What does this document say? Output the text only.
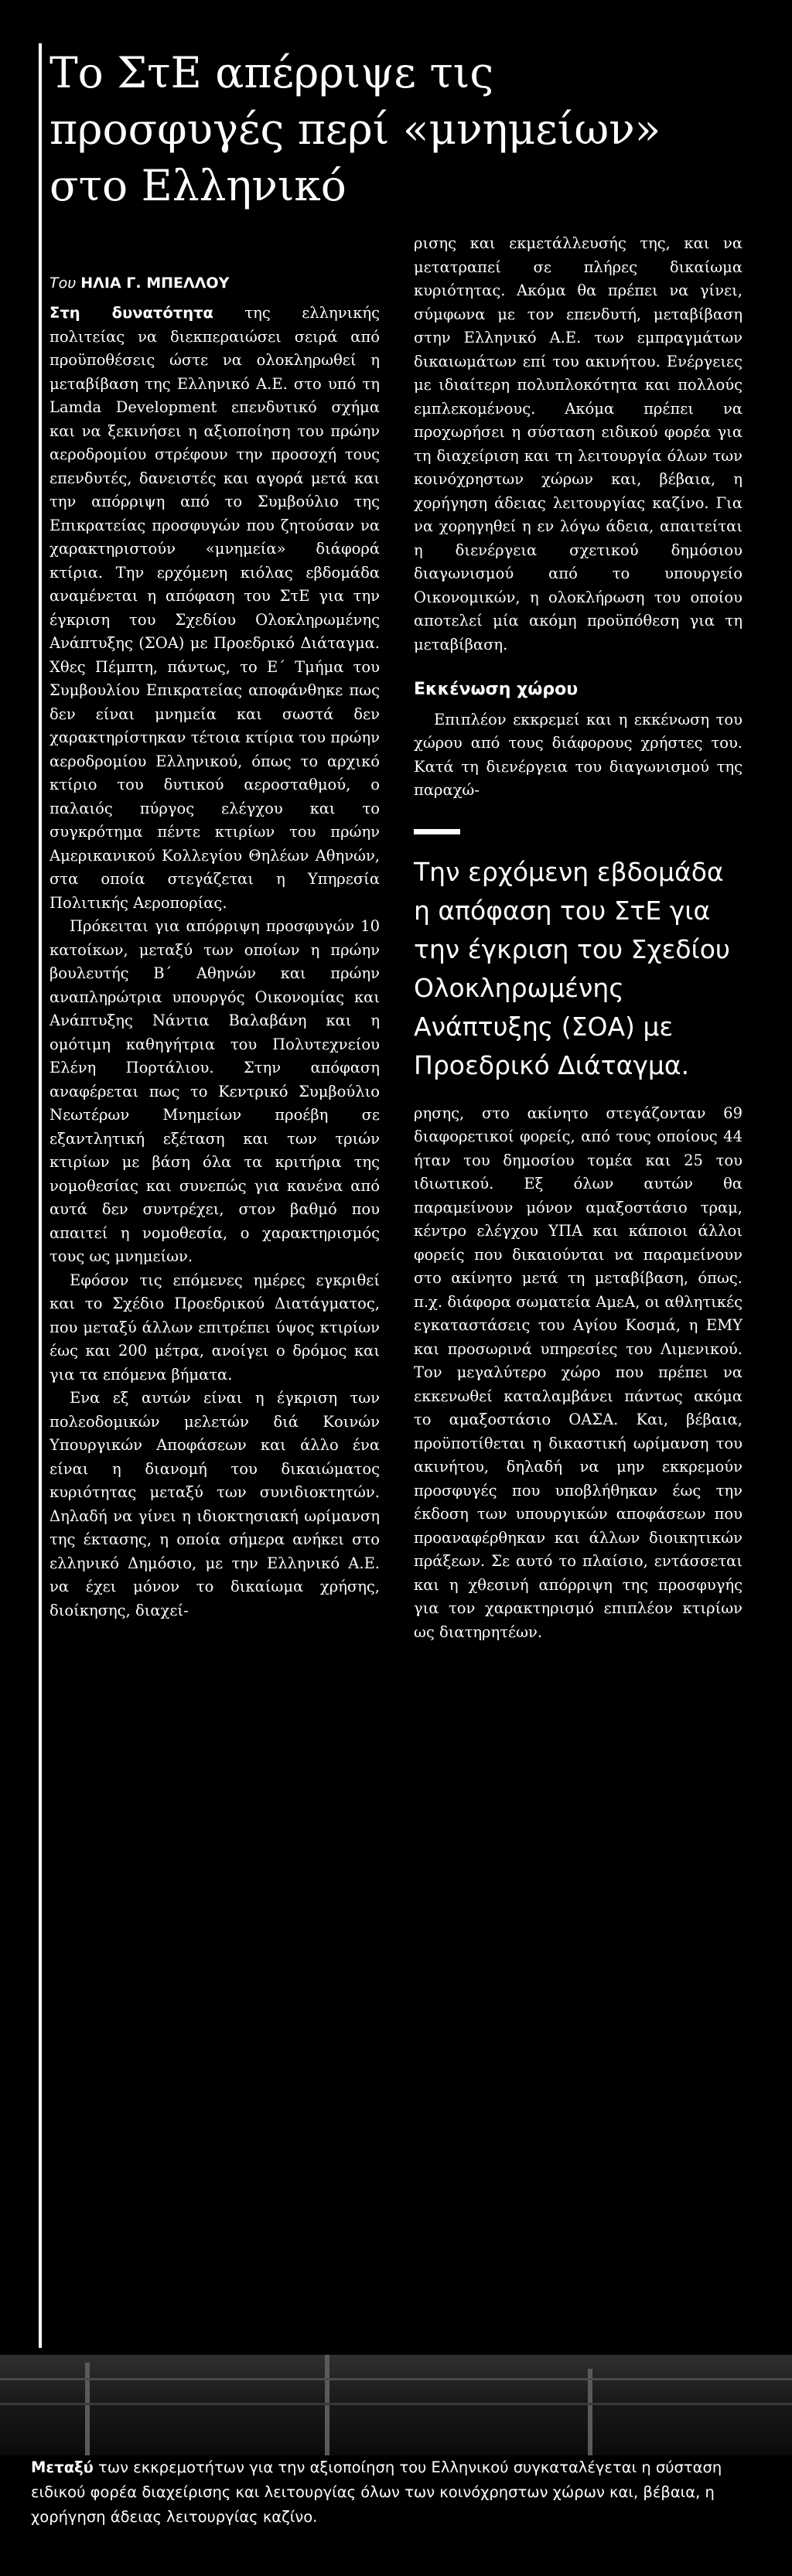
Το ΣτΕ απέρριψε τις προσφυγές περί «μνημείων» στο Ελληνικό
Του ΗΛΙΑ Γ. ΜΠΕΛΛΟΥ

Στη δυνατότητα της ελληνικής πολιτείας να διεκπεραιώσει σειρά από προϋποθέσεις ώστε να ολοκληρωθεί η μεταβίβαση της Ελληνικό Α.Ε. στο υπό τη Lamda Development επενδυτικό σχήμα και να ξεκινήσει η αξιοποίηση του πρώην αεροδρομίου στρέφουν την προσοχή τους επενδυτές, δανειστές και αγορά μετά και την απόρριψη από το Συμβούλιο της Επικρατείας προσφυγών που ζητούσαν να χαρακτηριστούν «μνημεία» διάφορά κτίρια. Την ερχόμενη κιόλας εβδομάδα αναμένεται η απόφαση του ΣτΕ για την έγκριση του Σχεδίου Ολοκληρωμένης Ανάπτυξης (ΣΟΑ) με Προεδρικό Διάταγμα. Χθες Πέμπτη, πάντως, το Ε΄ Τμήμα του Συμβουλίου Επικρατείας αποφάνθηκε πως δεν είναι μνημεία και σωστά δεν χαρακτηρίστηκαν τέτοια κτίρια του πρώην αεροδρομίου Ελληνικού, όπως το αρχικό κτίριο του δυτικού αεροσταθμού, ο παλαιός πύργος ελέγχου και το συγκρότημα πέντε κτιρίων του πρώην Αμερικανικού Κολλεγίου Θηλέων Αθηνών, στα οποία στεγάζεται η Υπηρεσία Πολιτικής Αεροπορίας.

Πρόκειται για απόρριψη προσφυγών 10 κατοίκων, μεταξύ των οποίων η πρώην βουλευτής Β΄ Αθηνών και πρώην αναπληρώτρια υπουργός Οικονομίας και Ανάπτυξης Νάντια Βαλαβάνη και η ομότιμη καθηγήτρια του Πολυτεχνείου Ελένη Πορτάλιου. Στην απόφαση αναφέρεται πως το Κεντρικό Συμβούλιο Νεωτέρων Μνημείων προέβη σε εξαντλητική εξέταση και των τριών κτιρίων με βάση όλα τα κριτήρια της νομοθεσίας και συνεπώς για κανένα από αυτά δεν συντρέχει, στον βαθμό που απαιτεί η νομοθεσία, ο χαρακτηρισμός τους ως μνημείων.

Εφόσον τις επόμενες ημέρες εγκριθεί και το Σχέδιο Προεδρικού Διατάγματος, που μεταξύ άλλων επιτρέπει ύψος κτιρίων έως και 200 μέτρα, ανοίγει ο δρόμος και για τα επόμενα βήματα.

Ενα εξ αυτών είναι η έγκριση των πολεοδομικών μελετών διά Κοινών Υπουργικών Αποφάσεων και άλλο ένα είναι η διανομή του δικαιώματος κυριότητας μεταξύ των συνιδιοκτητών. Δηλαδή να γίνει η ιδιοκτησιακή ωρίμανση της έκτασης, η οποία σήμερα ανήκει στο ελληνικό Δημόσιο, με την Ελληνικό Α.Ε. να έχει μόνον το δικαίωμα χρήσης, διοίκησης, διαχεί-

ρισης και εκμετάλλευσής της, και να μετατραπεί σε πλήρες δικαίωμα κυριότητας. Ακόμα θα πρέπει να γίνει, σύμφωνα με τον επενδυτή, μεταβίβαση στην Ελληνικό Α.Ε. των εμπραγμάτων δικαιωμάτων επί του ακινήτου. Ενέργειες με ιδιαίτερη πολυπλοκότητα και πολλούς εμπλεκομένους. Ακόμα πρέπει να προχωρήσει η σύσταση ειδικού φορέα για τη διαχείριση και τη λειτουργία όλων των κοινόχρηστων χώρων και, βέβαια, η χορήγηση άδειας λειτουργίας καζίνο. Για να χορηγηθεί η εν λόγω άδεια, απαιτείται η διενέργεια σχετικού δημόσιου διαγωνισμού από το υπουργείο Οικονομικών, η ολοκλήρωση του οποίου αποτελεί μία ακόμη προϋπόθεση για τη μεταβίβαση.

Εκκένωση χώρου

Επιπλέον εκκρεμεί και η εκκένωση του χώρου από τους διάφορους χρήστες του. Κατά τη διενέργεια του διαγωνισμού της παραχώ-

Την ερχόμενη εβδομάδα η απόφαση του ΣτΕ για την έγκριση του Σχεδίου Ολοκληρωμένης Ανάπτυξης (ΣΟΑ) με Προεδρικό Διάταγμα.

ρησης, στο ακίνητο στεγάζονταν 69 διαφορετικοί φορείς, από τους οποίους 44 ήταν του δημοσίου τομέα και 25 του ιδιωτικού. Εξ όλων αυτών θα παραμείνουν μόνον αμαξοστάσιο τραμ, κέντρο ελέγχου ΥΠΑ και κάποιοι άλλοι φορείς που δικαιούνται να παραμείνουν στο ακίνητο μετά τη μεταβίβαση, όπως. π.χ. διάφορα σωματεία ΑμεΑ, οι αθλητικές εγκαταστάσεις του Αγίου Κοσμά, η ΕΜΥ και προσωρινά υπηρεσίες του Λιμενικού. Τον μεγαλύτερο χώρο που πρέπει να εκκενωθεί καταλαμβάνει πάντως ακόμα το αμαξοστάσιο ΟΑΣΑ. Και, βέβαια, προϋποτίθεται η δικαστική ωρίμανση του ακινήτου, δηλαδή να μην εκκρεμούν προσφυγές που υποβλήθηκαν έως την έκδοση των υπουργικών αποφάσεων που προαναφέρθηκαν και άλλων διοικητικών πράξεων. Σε αυτό το πλαίσιο, εντάσσεται και η χθεσινή απόρριψη της προσφυγής για τον χαρακτηρισμό επιπλέον κτιρίων ως διατηρητέων.

Μεταξύ των εκκρεμοτήτων για την αξιοποίηση του Ελληνικού συγκαταλέγεται η σύσταση ειδικού φορέα διαχείρισης και λειτουργίας όλων των κοινόχρηστων χώρων και, βέβαια, η χορήγηση άδειας λειτουργίας καζίνο.
